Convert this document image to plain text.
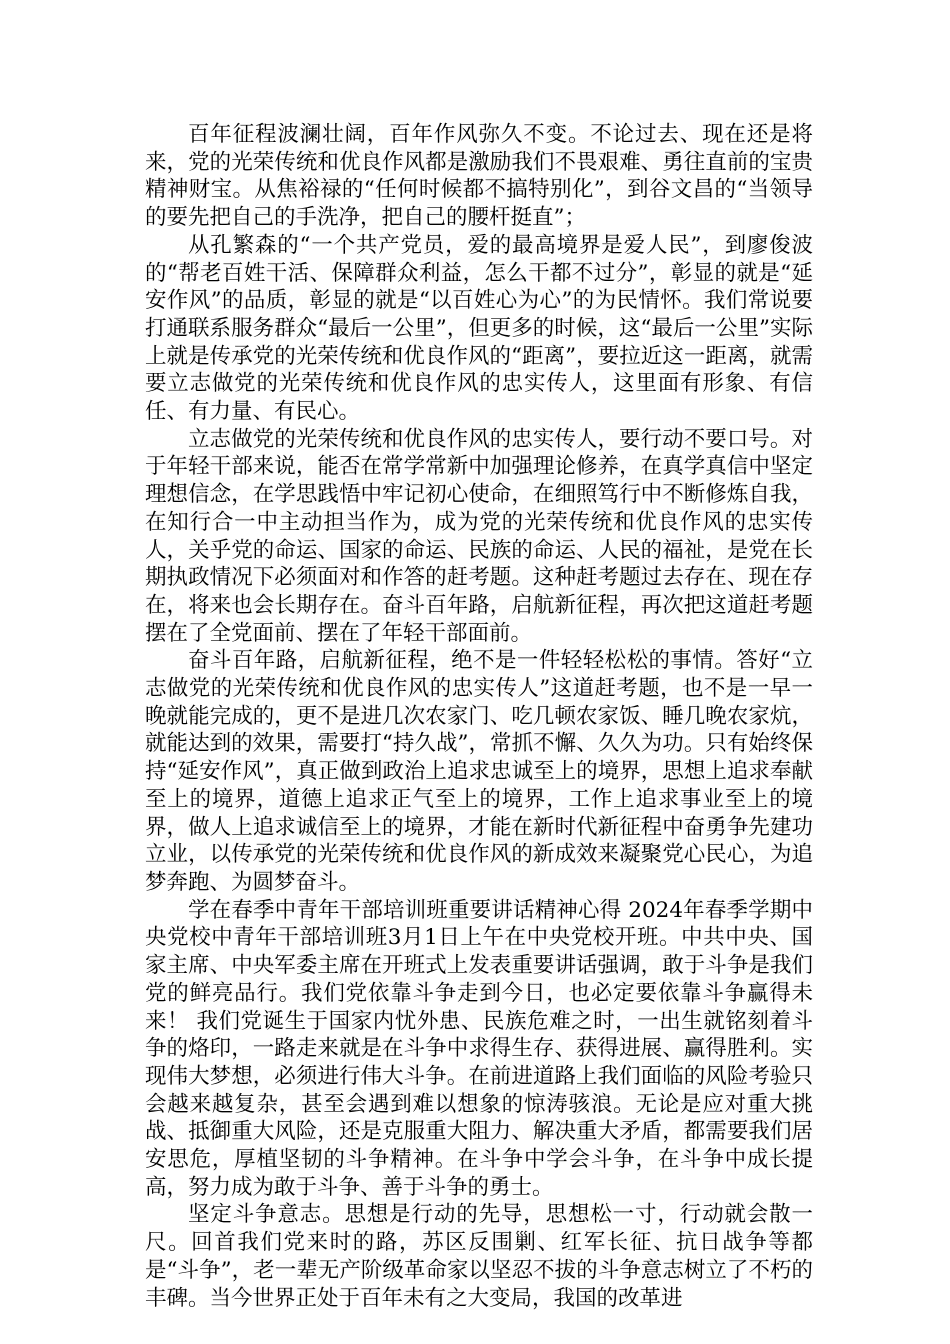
百年征程波澜壮阔，百年作风弥久不变。不论过去、现在还是将来，党的光荣传统和优良作风都是激励我们不畏艰难、勇往直前的宝贵精神财宝。从焦裕禄的“任何时候都不搞特别化”，到谷文昌的“当领导的要先把自己的手洗净，把自己的腰杆挺直”；

从孔繁森的“一个共产党员，爱的最高境界是爱人民”，到廖俊波的“帮老百姓干活、保障群众利益，怎么干都不过分”，彰显的就是“延安作风”的品质，彰显的就是“以百姓心为心”的为民情怀。我们常说要打通联系服务群众“最后一公里”，但更多的时候，这“最后一公里”实际上就是传承党的光荣传统和优良作风的“距离”，要拉近这一距离，就需要立志做党的光荣传统和优良作风的忠实传人，这里面有形象、有信任、有力量、有民心。

立志做党的光荣传统和优良作风的忠实传人，要行动不要口号。对于年轻干部来说，能否在常学常新中加强理论修养，在真学真信中坚定理想信念，在学思践悟中牢记初心使命，在细照笃行中不断修炼自我，在知行合一中主动担当作为，成为党的光荣传统和优良作风的忠实传人，关乎党的命运、国家的命运、民族的命运、人民的福祉，是党在长期执政情况下必须面对和作答的赶考题。这种赶考题过去存在、现在存在，将来也会长期存在。奋斗百年路，启航新征程，再次把这道赶考题摆在了全党面前、摆在了年轻干部面前。

奋斗百年路，启航新征程，绝不是一件轻轻松松的事情。答好“立志做党的光荣传统和优良作风的忠实传人”这道赶考题，也不是一早一晚就能完成的，更不是进几次农家门、吃几顿农家饭、睡几晚农家炕，就能达到的效果，需要打“持久战”，常抓不懈、久久为功。只有始终保持“延安作风”，真正做到政治上追求忠诚至上的境界，思想上追求奉献至上的境界，道德上追求正气至上的境界，工作上追求事业至上的境界，做人上追求诚信至上的境界，才能在新时代新征程中奋勇争先建功立业，以传承党的光荣传统和优良作风的新成效来凝聚党心民心，为追梦奔跑、为圆梦奋斗。

学在春季中青年干部培训班重要讲话精神心得 2024年春季学期中央党校中青年干部培训班3月1日上午在中央党校开班。中共中央、国家主席、中央军委主席在开班式上发表重要讲话强调，敢于斗争是我们党的鲜亮品行。我们党依靠斗争走到今日，也必定要依靠斗争赢得未来！ 我们党诞生于国家内忧外患、民族危难之时，一出生就铭刻着斗争的烙印，一路走来就是在斗争中求得生存、获得进展、赢得胜利。实现伟大梦想，必须进行伟大斗争。在前进道路上我们面临的风险考验只会越来越复杂，甚至会遇到难以想象的惊涛骇浪。无论是应对重大挑战、抵御重大风险，还是克服重大阻力、解决重大矛盾，都需要我们居安思危，厚植坚韧的斗争精神。在斗争中学会斗争，在斗争中成长提高，努力成为敢于斗争、善于斗争的勇士。

坚定斗争意志。思想是行动的先导，思想松一寸，行动就会散一尺。回首我们党来时的路，苏区反围剿、红军长征、抗日战争等都是“斗争”，老一辈无产阶级革命家以坚忍不拔的斗争意志树立了不朽的丰碑。当今世界正处于百年未有之大变局，我国的改革进
